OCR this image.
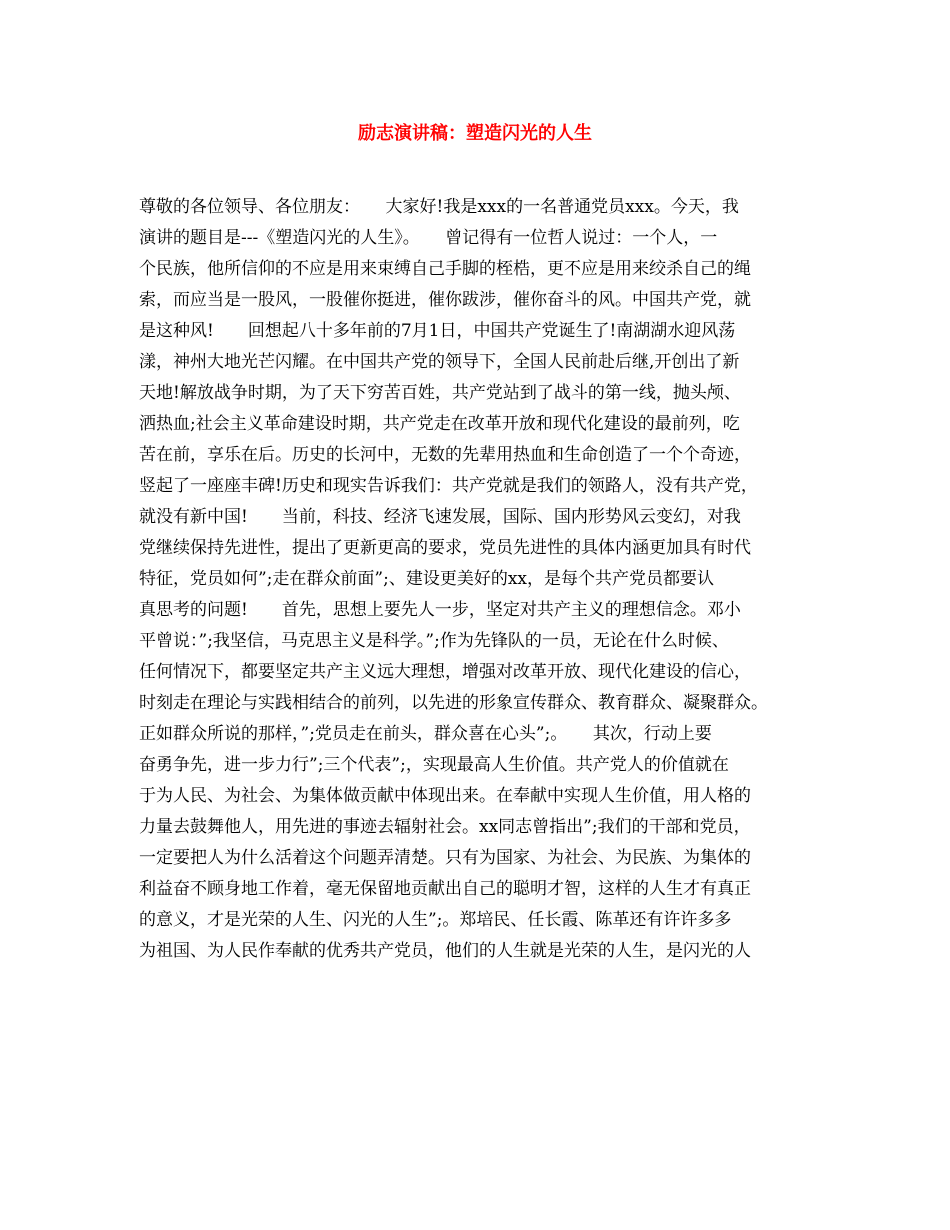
励志演讲稿：塑造闪光的人生
尊敬的各位领导、各位朋友：　　大家好!我是xxx的一名普通党员xxx。今天，我
演讲的题目是---《塑造闪光的人生》。　　曾记得有一位哲人说过：一个人，一
个民族，他所信仰的不应是用来束缚自己手脚的桎梏，更不应是用来绞杀自己的绳
索，而应当是一股风，一股催你挺进，催你跋涉，催你奋斗的风。中国共产党，就
是这种风!　　回想起八十多年前的7月1日，中国共产党诞生了!南湖湖水迎风荡
漾，神州大地光芒闪耀。在中国共产党的领导下，全国人民前赴后继,开创出了新
天地!解放战争时期，为了天下穷苦百姓，共产党站到了战斗的第一线，抛头颅、
洒热血;社会主义革命建设时期，共产党走在改革开放和现代化建设的最前列，吃
苦在前，享乐在后。历史的长河中，无数的先辈用热血和生命创造了一个个奇迹，
竖起了一座座丰碑!历史和现实告诉我们：共产党就是我们的领路人，没有共产党，
就没有新中国!　　当前，科技、经济飞速发展，国际、国内形势风云变幻，对我
党继续保持先进性，提出了更新更高的要求，党员先进性的具体内涵更加具有时代
特征，党员如何”;走在群众前面”;、建设更美好的xx，是每个共产党员都要认
真思考的问题!　　首先，思想上要先人一步，坚定对共产主义的理想信念。邓小
平曾说：”;我坚信，马克思主义是科学。”;作为先锋队的一员，无论在什么时候、
任何情况下，都要坚定共产主义远大理想，增强对改革开放、现代化建设的信心，
时刻走在理论与实践相结合的前列，以先进的形象宣传群众、教育群众、凝聚群众。
正如群众所说的那样，”;党员走在前头，群众喜在心头”;。　　其次，行动上要
奋勇争先，进一步力行”;三个代表”;，实现最高人生价值。共产党人的价值就在
于为人民、为社会、为集体做贡献中体现出来。在奉献中实现人生价值，用人格的
力量去鼓舞他人，用先进的事迹去辐射社会。xx同志曾指出”;我们的干部和党员，
一定要把人为什么活着这个问题弄清楚。只有为国家、为社会、为民族、为集体的
利益奋不顾身地工作着，毫无保留地贡献出自己的聪明才智，这样的人生才有真正
的意义，才是光荣的人生、闪光的人生”;。郑培民、任长霞、陈革还有许许多多
为祖国、为人民作奉献的优秀共产党员，他们的人生就是光荣的人生，是闪光的人
